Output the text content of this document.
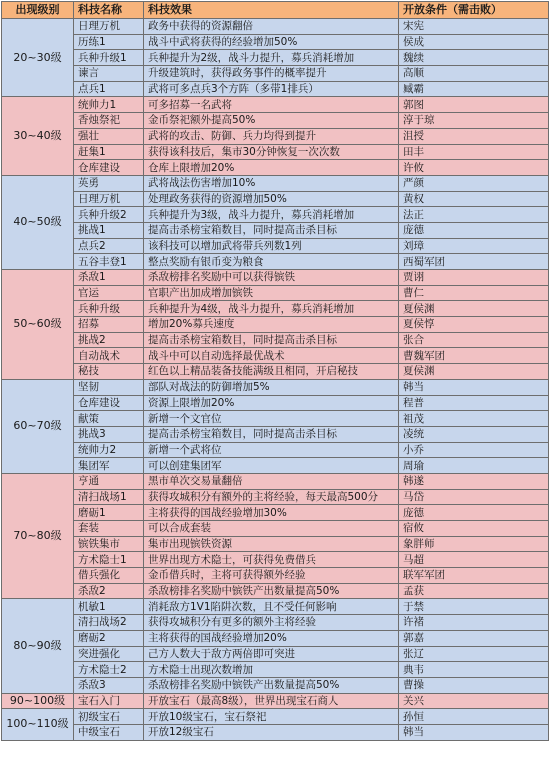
出现级别	科技名称	科技效果	开放条件（需击败）
20~30级	日理万机	政务中获得的资源翻倍	宋宪
	历练1	战斗中武将获得的经验增加50%	侯成
	兵种升级1	兵种提升为2级，战斗力提升，募兵消耗增加	魏续
	谏言	升级建筑时，获得政务事件的概率提升	高顺
	点兵1	武将可多点兵3个方阵（多带1排兵）	臧霸
30~40级	统帅力1	可多招募一名武将	郭图
	香烛祭祀	金币祭祀额外提高50%	淳于琼
	强壮	武将的攻击、防御、兵力均得到提升	沮授
	赶集1	获得该科技后，集市30分钟恢复一次次数	田丰
	仓库建设	仓库上限增加20%	许攸
40~50级	英勇	武将战法伤害增加10%	严颜
	日理万机	处理政务获得的资源增加50%	黄权
	兵种升级2	兵种提升为3级，战斗力提升，募兵消耗增加	法正
	挑战1	提高击杀榜宝箱数目，同时提高击杀目标	庞德
	点兵2	该科技可以增加武将带兵列数1列	刘璋
	五谷丰登1	整点奖励有银币变为粮食	西蜀军团
50~60级	杀敌1	杀敌榜排名奖励中可以获得镔铁	贾诩
	官运	官职产出加成增加镔铁	曹仁
	兵种升级	兵种提升为4级，战斗力提升，募兵消耗增加	夏侯渊
	招募	增加20%募兵速度	夏侯惇
	挑战2	提高击杀榜宝箱数目，同时提高击杀目标	张合
	自动战术	战斗中可以自动选择最优战术	曹魏军团
	秘技	红色以上精品装备技能满级且相同，开启秘技	夏侯渊
60~70级	坚韧	部队对战法的防御增加5%	韩当
	仓库建设	资源上限增加20%	程普
	献策	新增一个文官位	祖茂
	挑战3	提高击杀榜宝箱数目，同时提高击杀目标	凌统
	统帅力2	新增一个武将位	小乔
	集团军	可以创建集团军	周瑜
70~80级	亨通	黑市单次交易量翻倍	韩遂
	清扫战场1	获得攻城积分有额外的主将经验，每天最高500分	马岱
	磨砺1	主将获得的国战经验增加30%	庞德
	套装	可以合成套装	宿攸
	镔铁集市	集市出现镔铁资源	象胖师
	方术隐士1	世界出现方术隐士，可获得免费借兵	马超
	借兵强化	金币借兵时，主将可获得额外经验	联军军团
	杀敌2	杀敌榜排名奖励中镔铁产出数量提高50%	孟获
80~90级	机敏1	消耗敌方1V1陷阱次数，且不受任何影响	于禁
	清扫战场2	获得攻城积分有更多的额外主将经验	许褚
	磨砺2	主将获得的国战经验增加20%	郭嘉
	突进强化	己方人数大于敌方两倍即可突进	张辽
	方术隐士2	方术隐士出现次数增加	典韦
	杀敌3	杀敌榜排名奖励中镔铁产出数量提高50%	曹操
90~100级	宝石入门	开放宝石（最高8级），世界出现宝石商人	关兴
100~110级	初级宝石	开放10级宝石，宝石祭祀	孙恒
	中级宝石	开放12级宝石	韩当
